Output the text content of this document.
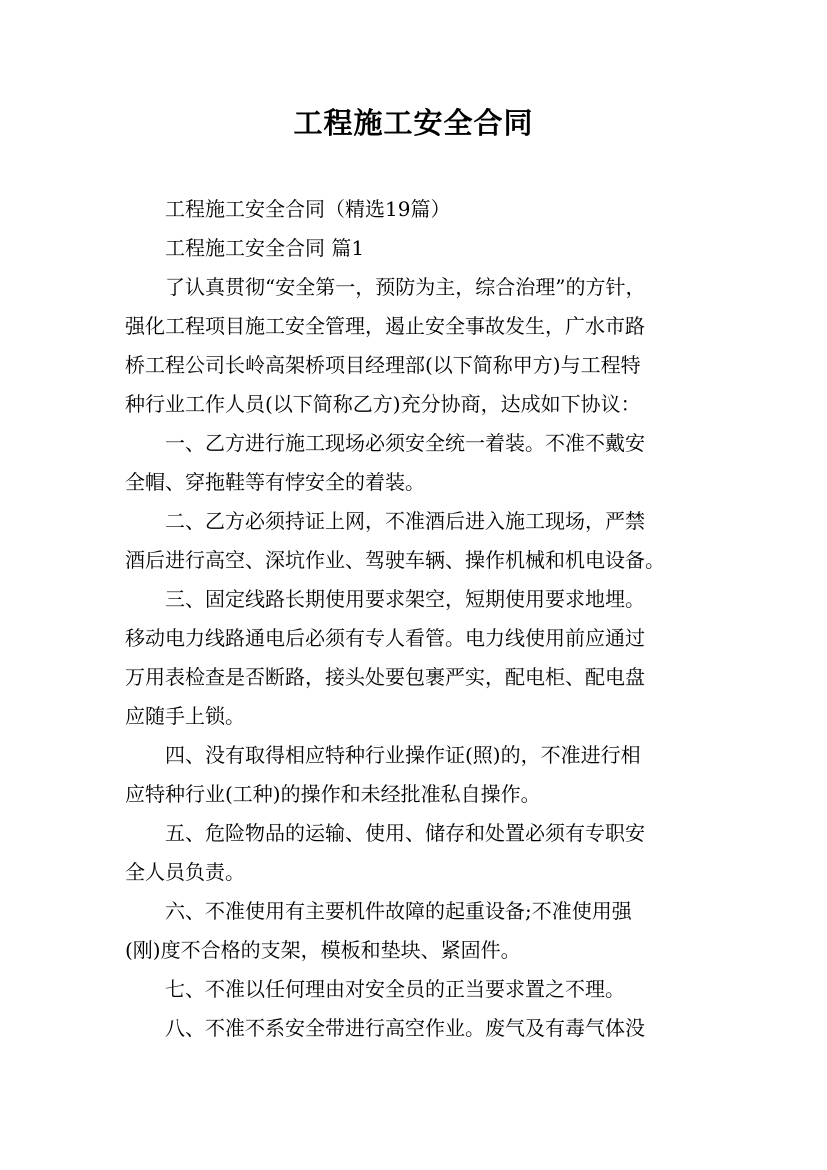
工程施工安全合同

工程施工安全合同（精选19篇）

工程施工安全合同 篇1

了认真贯彻“安全第一，预防为主，综合治理”的方针，
强化工程项目施工安全管理，遏止安全事故发生，广水市路
桥工程公司长岭高架桥项目经理部(以下简称甲方)与工程特
种行业工作人员(以下简称乙方)充分协商，达成如下协议：

一、乙方进行施工现场必须安全统一着装。不准不戴安
全帽、穿拖鞋等有悖安全的着装。

二、乙方必须持证上网，不准酒后进入施工现场，严禁
酒后进行高空、深坑作业、驾驶车辆、操作机械和机电设备。

三、固定线路长期使用要求架空，短期使用要求地埋。
移动电力线路通电后必须有专人看管。电力线使用前应通过
万用表检查是否断路，接头处要包裹严实，配电柜、配电盘
应随手上锁。

四、没有取得相应特种行业操作证(照)的，不准进行相
应特种行业(工种)的操作和未经批准私自操作。

五、危险物品的运输、使用、储存和处置必须有专职安
全人员负责。

六、不准使用有主要机件故障的起重设备;不准使用强
(刚)度不合格的支架，模板和垫块、紧固件。

七、不准以任何理由对安全员的正当要求置之不理。

八、不准不系安全带进行高空作业。废气及有毒气体没
